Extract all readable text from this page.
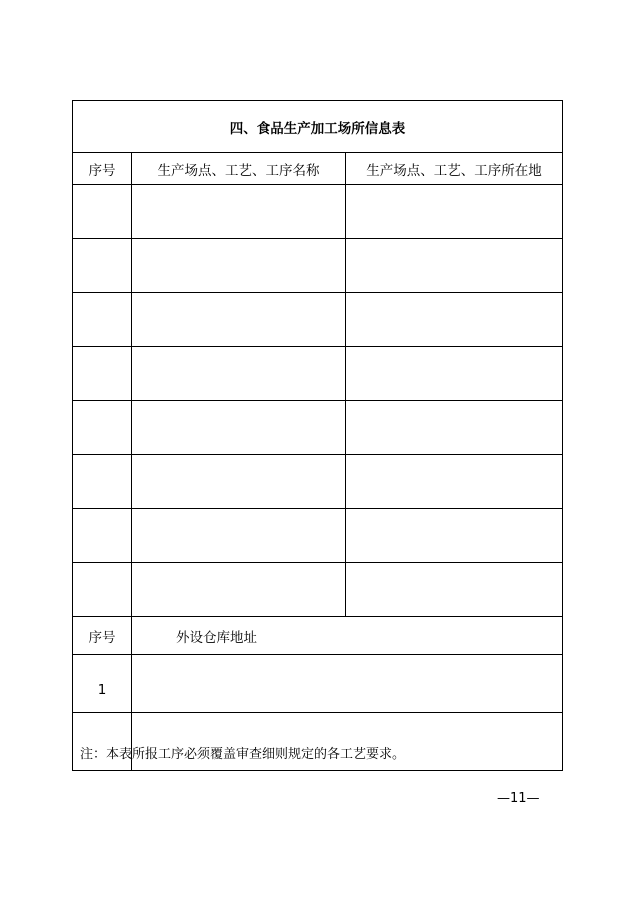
四、食品生产加工场所信息表		
序号	生产场点、工艺、工序名称	生产场点、工艺、工序所在地

序号	外设仓库地址	
1		

注：本表所报工序必须覆盖审查细则规定的各工艺要求。

—11—
